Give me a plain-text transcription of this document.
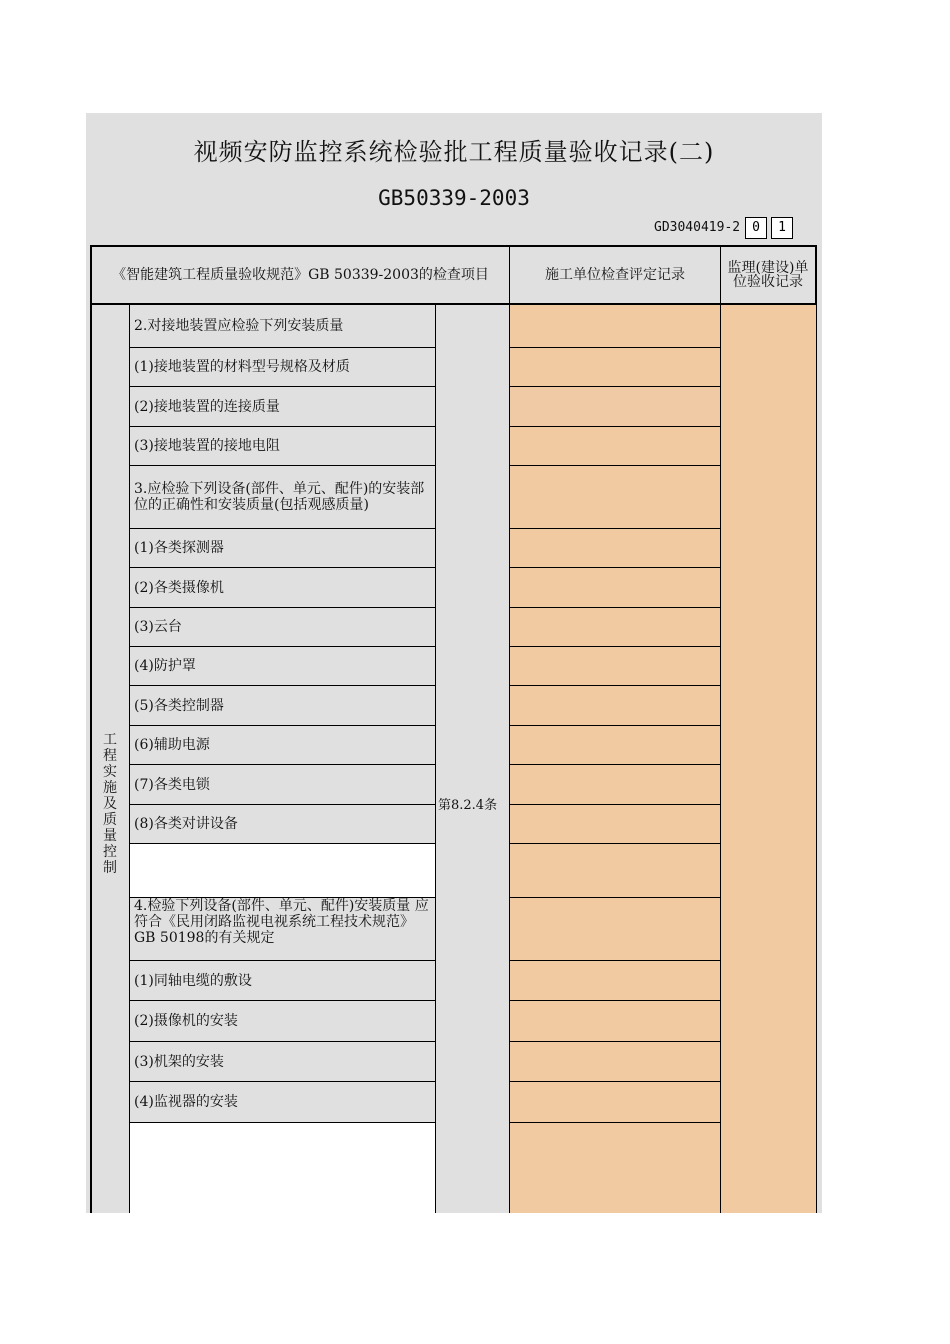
视频安防监控系统检验批工程质量验收记录(二)
GB50339-2003
GD3040419-2 0	1
《智能建筑工程质量验收规范》GB 50339-2003的检查项目	施工单位检查评定记录	监理(建设)单位验收记录
2.对接地装置应检验下列安装质量
(1)接地装置的材料型号规格及材质
(2)接地装置的连接质量
(3)接地装置的接地电阻
3.应检验下列设备(部件、单元、配件)的安装部位的正确性和安装质量(包括观感质量)
(1)各类探测器
(2)各类摄像机
(3)云台
(4)防护罩
(5)各类控制器
(6)辅助电源
(7)各类电锁
(8)各类对讲设备
4.检验下列设备(部件、单元、配件)安装质量 应符合《民用闭路监视电视系统工程技术规范》GB 50198的有关规定
(1)同轴电缆的敷设
(2)摄像机的安装
(3)机架的安装
(4)监视器的安装
工程实施及质量控制
第8.2.4条
